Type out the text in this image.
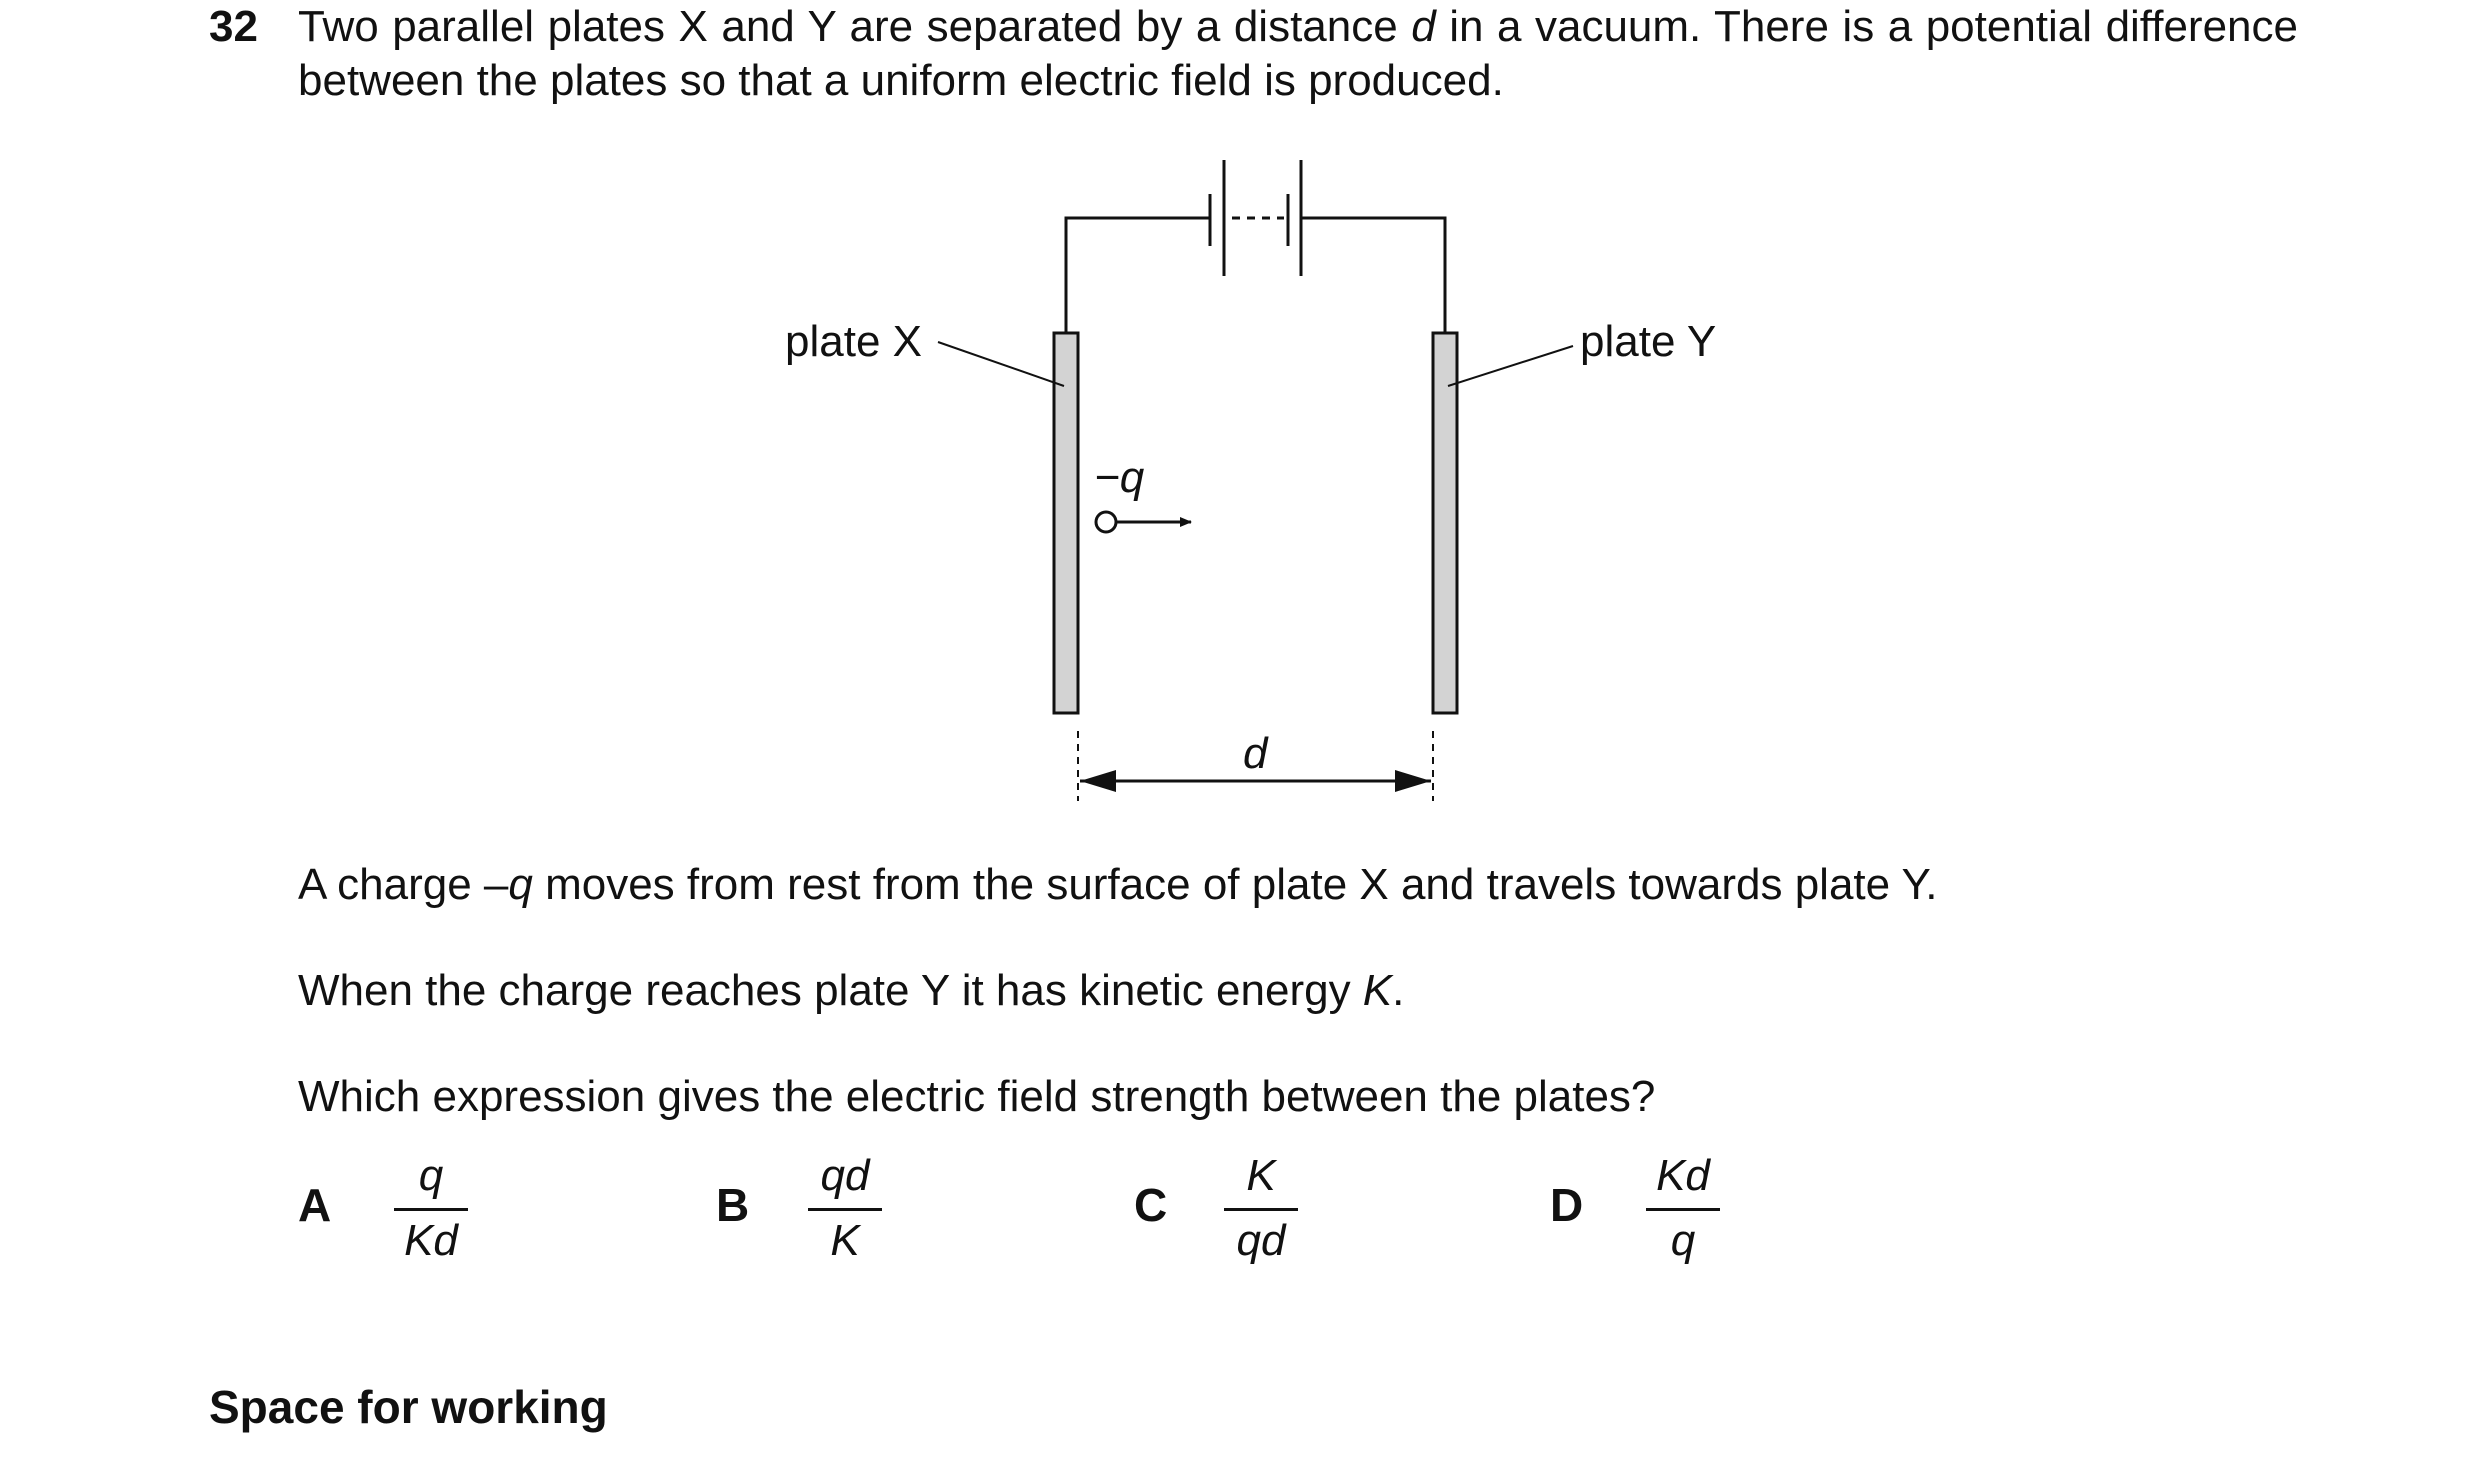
32 Two parallel plates X and Y are separated by a distance d in a vacuum. There is a potential difference between the plates so that a uniform electric field is produced.
plate X	plate Y
−q
d
A charge –q moves from rest from the surface of plate X and travels towards plate Y.
When the charge reaches plate Y it has kinetic energy K.
Which expression gives the electric field strength between the plates?
A
q
Kd
B
qd
K
C
K
qd
D
Kd
q
Space for working
